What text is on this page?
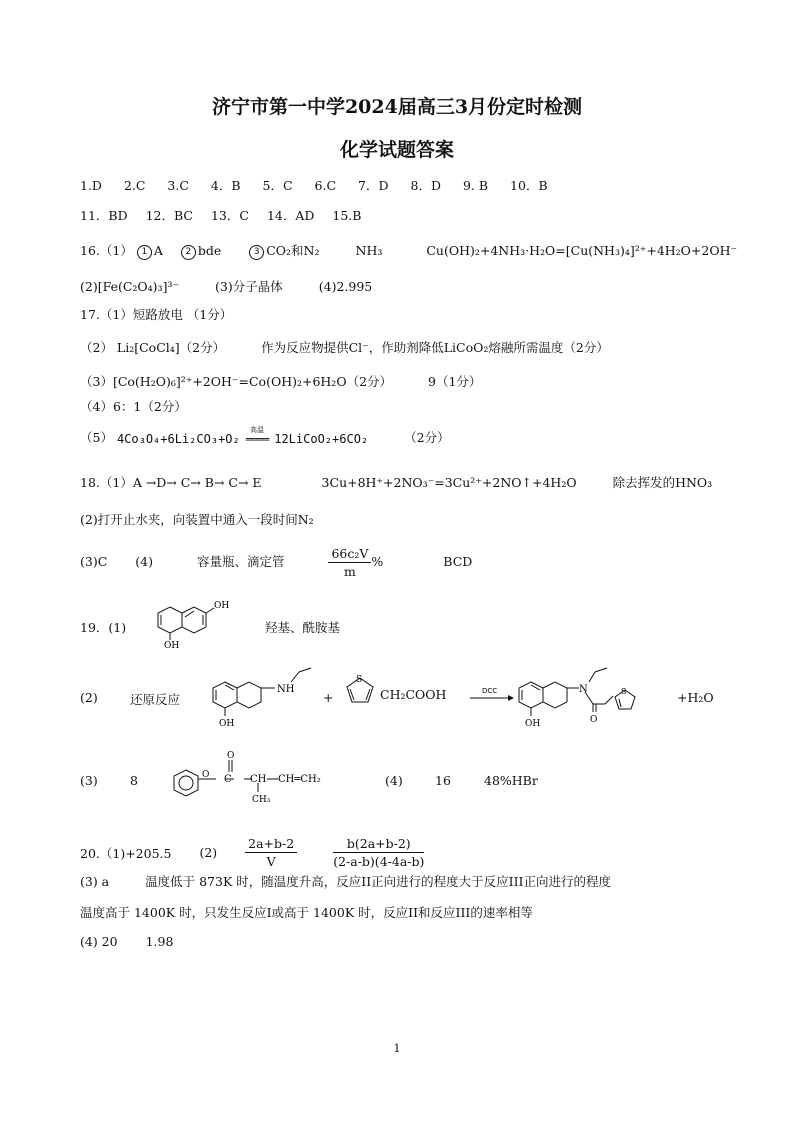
济宁市第一中学2024届高三3月份定时检测
化学试题答案
1.D 2.C 3.C 4．B 5．C 6.C 7．D 8．D 9. B 10．B
11．BD 12．BC 13．C 14．AD 15.B
16.（1） 1 A	2 bde	3 CO₂和N₂	NH₃	Cu(OH)₂+4NH₃·H₂O=[Cu(NH₃)₄]²⁺+4H₂O+2OH⁻
(2)[Fe(C₂O₄)₃]³⁻	(3)分子晶体	(4)2.995
17.（1）短路放电 （1分）
（2） Li₂[CoCl₄]（2分）	作为反应物提供Cl⁻，作助剂降低LiCoO₂熔融所需温度（2分）
（3）[Co(H₂O)₆]²⁺+2OH⁻=Co(OH)₂+6H₂O（2分）	9（1分）
（4）6：1（2分）
（5） 4Co₃O₄+6Li₂CO₃+O₂
高温
════ 12LiCoO₂+6CO₂	（2分）
18.（1）A →D→ C→ B→ C→ E	3Cu+8H⁺+2NO₃⁻=3Cu²⁺+2NO↑+4H₂O	除去挥发的HNO₃
(2)打开止水夹，向装置中通入一段时间N₂
(3)C (4)	容量瓶、滴定管	$\frac{\text{66c₂V}}{m}$ %	BCD
19．(1)
OH
OH
羟基、酰胺基
(2)	还原反应
NH
OH
+
S
CH₂COOH	DCC	N
O
S
OH
+H₂O
(3)	8	O
O
C CH CH═CH₂
CH₃
(4)	16	48%HBr
20.（1)+205.5 $(2) \frac{2a+b-2}{V}$
	$\frac{b(2a+b-2)}{(2-a-b)(4-4a-b)}$
(3) a	温度低于 873K 时，随温度升高，反应II正向进行的程度大于反应III正向进行的程度
温度高于 1400K 时，只发生反应I或高于 1400K 时，反应II和反应III的速率相等
(4) 20 1.98
1
